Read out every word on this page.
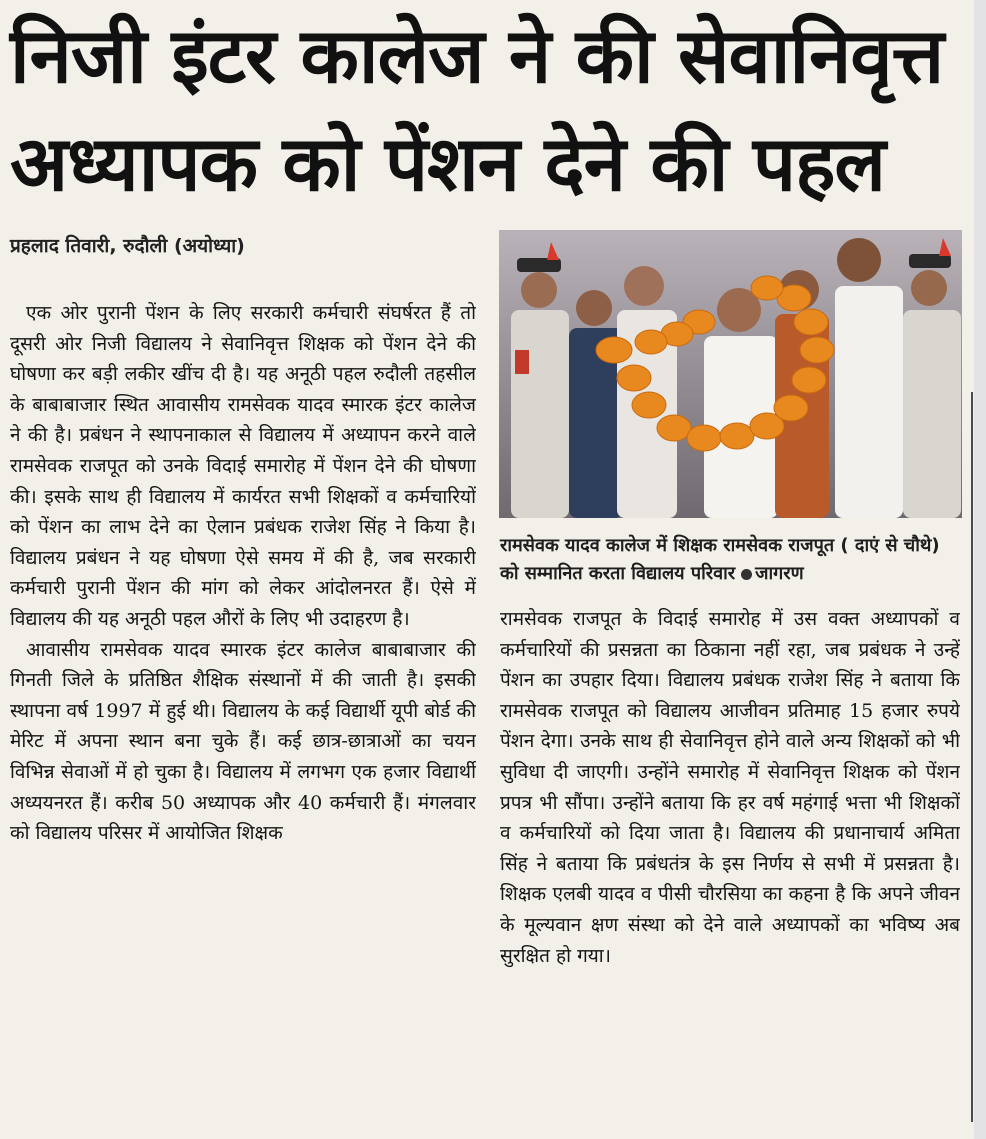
निजी इंटर कालेज ने की सेवानिवृत्त
अध्यापक को पेंशन देने की पहल
प्रहलाद तिवारी, रुदौली (अयोध्या)

एक ओर पुरानी पेंशन के लिए सरकारी कर्मचारी संघर्षरत हैं तो दूसरी ओर निजी विद्यालय ने सेवानिवृत्त शिक्षक को पेंशन देने की घोषणा कर बड़ी लकीर खींच दी है। यह अनूठी पहल रुदौली तहसील के बाबाबाजार स्थित आवासीय रामसेवक यादव स्मारक इंटर कालेज ने की है। प्रबंधन ने स्थापनाकाल से विद्यालय में अध्यापन करने वाले रामसेवक राजपूत को उनके विदाई समारोह में पेंशन देने की घोषणा की। इसके साथ ही विद्यालय में कार्यरत सभी शिक्षकों व कर्मचारियों को पेंशन का लाभ देने का ऐलान प्रबंधक राजेश सिंह ने किया है। विद्यालय प्रबंधन ने यह घोषणा ऐसे समय में की है, जब सरकारी कर्मचारी पुरानी पेंशन की मांग को लेकर आंदोलनरत हैं। ऐसे में विद्यालय की यह अनूठी पहल औरों के लिए भी उदाहरण है।

आवासीय रामसेवक यादव स्मारक इंटर कालेज बाबाबाजार की गिनती जिले के प्रतिष्ठित शैक्षिक संस्थानों में की जाती है। इसकी स्थापना वर्ष 1997 में हुई थी। विद्यालय के कई विद्यार्थी यूपी बोर्ड की मेरिट में अपना स्थान बना चुके हैं। कई छात्र-छात्राओं का चयन विभिन्न सेवाओं में हो चुका है। विद्यालय में लगभग एक हजार विद्यार्थी अध्ययनरत हैं। करीब 50 अध्यापक और 40 कर्मचारी हैं। मंगलवार को विद्यालय परिसर में आयोजित शिक्षक

रामसेवक यादव कालेज में शिक्षक रामसेवक राजपूत ( दाएं से चौथे) को सम्मानित करता विद्यालय परिवार जागरण

रामसेवक राजपूत के विदाई समारोह में उस वक्त अध्यापकों व कर्मचारियों की प्रसन्नता का ठिकाना नहीं रहा, जब प्रबंधक ने उन्हें पेंशन का उपहार दिया। विद्यालय प्रबंधक राजेश सिंह ने बताया कि रामसेवक राजपूत को विद्यालय आजीवन प्रतिमाह 15 हजार रुपये पेंशन देगा। उनके साथ ही सेवानिवृत्त होने वाले अन्य शिक्षकों को भी सुविधा दी जाएगी। उन्होंने समारोह में सेवानिवृत्त शिक्षक को पेंशन प्रपत्र भी सौंपा। उन्होंने बताया कि हर वर्ष महंगाई भत्ता भी शिक्षकों व कर्मचारियों को दिया जाता है। विद्यालय की प्रधानाचार्य अमिता सिंह ने बताया कि प्रबंधतंत्र के इस निर्णय से सभी में प्रसन्नता है। शिक्षक एलबी यादव व पीसी चौरसिया का कहना है कि अपने जीवन के मूल्यवान क्षण संस्था को देने वाले अध्यापकों का भविष्य अब सुरक्षित हो गया।
